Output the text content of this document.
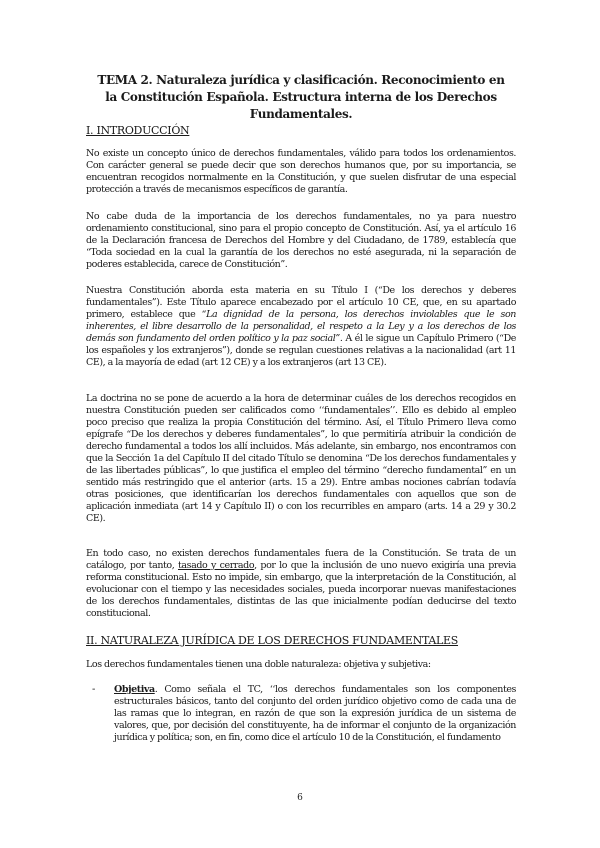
TEMA 2. Naturaleza jurídica y clasificación. Reconocimiento en la Constitución Española. Estructura interna de los Derechos Fundamentales.
I. INTRODUCCIÓN
No existe un concepto único de derechos fundamentales, válido para todos los ordenamientos. Con carácter general se puede decir que son derechos humanos que, por su importancia, se encuentran recogidos normalmente en la Constitución, y que suelen disfrutar de una especial protección a través de mecanismos específicos de garantía.
No cabe duda de la importancia de los derechos fundamentales, no ya para nuestro ordenamiento constitucional, sino para el propio concepto de Constitución. Así, ya el artículo 16 de la Declaración francesa de Derechos del Hombre y del Ciudadano, de 1789, establecía que “Toda sociedad en la cual la garantía de los derechos no esté asegurada, ni la separación de poderes establecida, carece de Constitución”.
Nuestra Constitución aborda esta materia en su Título I (“De los derechos y deberes fundamentales”). Este Título aparece encabezado por el artículo 10 CE, que, en su apartado primero, establece que “La dignidad de la persona, los derechos inviolables que le son inherentes, el libre desarrollo de la personalidad, el respeto a la Ley y a los derechos de los demás son fundamento del orden político y la paz social”. A él le sigue un Capítulo Primero (“De los españoles y los extranjeros”), donde se regulan cuestiones relativas a la nacionalidad (art 11 CE), a la mayoría de edad (art 12 CE) y a los extranjeros (art 13 CE).
La doctrina no se pone de acuerdo a la hora de determinar cuáles de los derechos recogidos en nuestra Constitución pueden ser calificados como ‘‘fundamentales’’. Ello es debido al empleo poco preciso que realiza la propia Constitución del término. Así, el Título Primero lleva como epígrafe “De los derechos y deberes fundamentales”, lo que permitiría atribuir la condición de derecho fundamental a todos los allí incluidos. Más adelante, sin embargo, nos encontramos con que la Sección 1a del Capítulo II del citado Título se denomina “De los derechos fundamentales y de las libertades públicas”, lo que justifica el empleo del término “derecho fundamental” en un sentido más restringido que el anterior (arts. 15 a 29). Entre ambas nociones cabrían todavía otras posiciones, que identificarían los derechos fundamentales con aquellos que son de aplicación inmediata (art 14 y Capítulo II) o con los recurribles en amparo (arts. 14 a 29 y 30.2 CE).
En todo caso, no existen derechos fundamentales fuera de la Constitución. Se trata de un catálogo, por tanto, tasado y cerrado, por lo que la inclusión de uno nuevo exigiría una previa reforma constitucional. Esto no impide, sin embargo, que la interpretación de la Constitución, al evolucionar con el tiempo y las necesidades sociales, pueda incorporar nuevas manifestaciones de los derechos fundamentales, distintas de las que inicialmente podían deducirse del texto constitucional.
II. NATURALEZA JURÍDICA DE LOS DERECHOS FUNDAMENTALES
Los derechos fundamentales tienen una doble naturaleza: objetiva y subjetiva:
- Objetiva. Como señala el TC, ‘‘los derechos fundamentales son los componentes estructurales básicos, tanto del conjunto del orden jurídico objetivo como de cada una de las ramas que lo integran, en razón de que son la expresión jurídica de un sistema de valores, que, por decisión del constituyente, ha de informar el conjunto de la organización jurídica y política; son, en fin, como dice el artículo 10 de la Constitución, el fundamento
6
